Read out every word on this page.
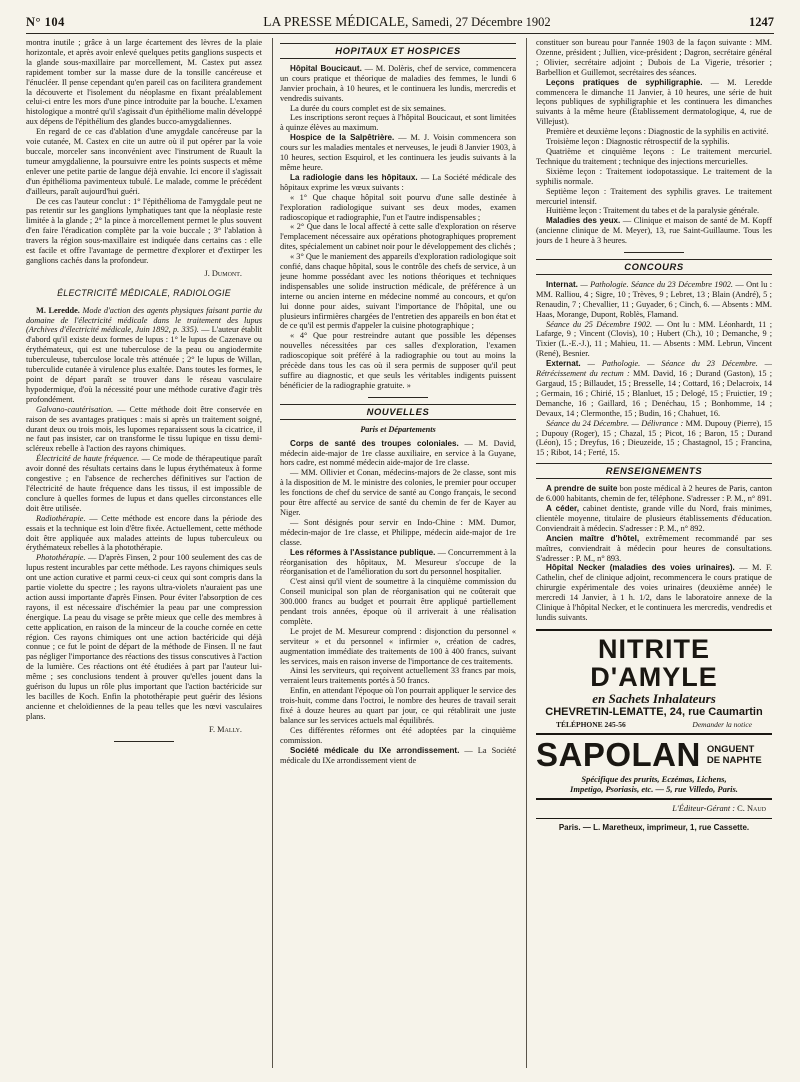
N° 104	LA PRESSE MÉDICALE, Samedi, 27 Décembre 1902	1247

montra inutile ; grâce à un large écartement des lèvres de la plaie horizontale, et après avoir enlevé quelques petits ganglions suspects et la glande sous-maxillaire par morcellement, M. Castex put assez rapidement tomber sur la masse dure de la tonsille cancéreuse et l'énucléer. Il pense cependant qu'en pareil cas on facilitera grandement la découverte et l'isolement du néoplasme en fixant préalablement celui-ci entre les mors d'une pince introduite par la bouche. L'examen histologique a montré qu'il s'agissait d'un épithéliome malin développé aux dépens de l'épithélium des glandes bucco-amygdaliennes.

En regard de ce cas d'ablation d'une amygdale cancéreuse par la voie cutanée, M. Castex en cite un autre où il put opérer par la voie buccale, morceler sans inconvénient avec l'instrument de Ruault la tumeur amygdalienne, la poursuivre entre les points suspects et même enlever une petite partie de langue déjà envahie. Ici encore il s'agissait d'un épithélioma pavimenteux tubulé. Le malade, comme le précédent d'ailleurs, paraît aujourd'hui guéri.

De ces cas l'auteur conclut : 1° l'épithélioma de l'amygdale peut ne pas retentir sur les ganglions lymphatiques tant que la néoplasie reste limitée à la glande ; 2° la pince à morcellement permet le plus souvent d'en faire l'éradication complète par la voie buccale ; 3° l'ablation à travers la région sous-maxillaire est indiquée dans certains cas : elle est facile et offre l'avantage de permettre d'explorer et d'extirper les ganglions cachés dans la profondeur.

J. Dumont.
ÉLECTRICITÉ MÉDICALE, RADIOLOGIE

M. Leredde. Mode d'action des agents physiques faisant partie du domaine de l'électricité médicale dans le traitement des lupus (Archives d'électricité médicale, Juin 1892, p. 335). — L'auteur établit d'abord qu'il existe deux formes de lupus : 1° le lupus de Cazenave ou érythémateux, qui est une tuberculose de la peau ou angiodermite tuberculeuse, tuberculose locale très atténuée ; 2° le lupus de Willan, tuberculide cutanée à virulence plus exaltée. Dans toutes les formes, le point de départ paraît se trouver dans le réseau vasculaire hypodermique, d'où la nécessité pour une méthode curative d'agir très profondément.

Galvano-cautérisation. — Cette méthode doit être conservée en raison de ses avantages pratiques : mais si après un traitement soigné, durant deux ou trois mois, les lupomes reparaissent sous la cicatrice, il ne faut pas insister, car on transforme le tissu lupique en tissu demi-scléreux rebelle à l'action des rayons chimiques.

Électricité de haute fréquence. — Ce mode de thérapeutique paraît avoir donné des résultats certains dans le lupus érythémateux à forme congestive ; en l'absence de recherches définitives sur l'action de l'électricité de haute fréquence dans les tissus, il est impossible de conclure à quelles formes de lupus et dans quelles circonstances elle doit être utilisée.

Radiothérapie. — Cette méthode est encore dans la période des essais et la technique est loin d'être fixée. Actuellement, cette méthode doit être appliquée aux malades atteints de lupus tuberculeux ou érythémateux rebelles à la photothérapie.

Photothérapie. — D'après Finsen, 2 pour 100 seulement des cas de lupus restent incurables par cette méthode. Les rayons chimiques seuls ont une action curative et parmi ceux-ci ceux qui sont compris dans la partie violette du spectre ; les rayons ultra-violets n'auraient pas une action aussi importante d'après Finsen. Pour éviter l'absorption de ces rayons, il est nécessaire d'ischémier la peau par une compression énergique. La peau du visage se prête mieux que celle des membres à cette application, en raison de la minceur de la couche cornée en cette région. Ces rayons chimiques ont une action bactéricide qui déjà connue ; ce fut le point de départ de la méthode de Finsen. Il ne faut pas négliger l'importance des réactions des tissus conscutives à l'action de la lumière. Ces réactions ont été étudiées à part par l'auteur lui-même ; ses conclusions tendent à prouver qu'elles jouent dans la guérison du lupus un rôle plus important que l'action bactéricide sur les bacilles de Koch. Enfin la photothérapie peut guérir des lésions ancienne et cheloïdiennes de la peau telles que les nœvi vasculaires plans.

F. Mally.
HOPITAUX ET HOSPICES

Hôpital Boucicaut. — M. Dolèris, chef de service, commencera un cours pratique et théorique de maladies des femmes, le lundi 6 Janvier prochain, à 10 heures, et le continuera les lundis, mercredis et vendredis suivants.

La durée du cours complet est de six semaines.

Les inscriptions seront reçues à l'hôpital Boucicaut, et sont limitées à quinze élèves au maximum.

Hospice de la Salpêtrière. — M. J. Voisin commencera son cours sur les maladies mentales et nerveuses, le jeudi 8 Janvier 1903, à 10 heures, section Esquirol, et les continuera les jeudis suivants à la même heure.

La radiologie dans les hôpitaux. — La Société médicale des hôpitaux exprime les vœux suivants :

« 1° Que chaque hôpital soit pourvu d'une salle destinée à l'exploration radiologique suivant ses deux modes, examen radioscopique et radiographie, l'un et l'autre indispensables ;

« 2° Que dans le local affecté à cette salle d'exploration on réserve l'emplacement nécessaire aux opérations photographiques proprement dites, spécialement un cabinet noir pour le développement des clichés ;

« 3° Que le maniement des appareils d'exploration radiologique soit confié, dans chaque hôpital, sous le contrôle des chefs de service, à un jeune homme possédant avec les notions théoriques et techniques indispensables une solide instruction médicale, de préférence à un interne ou ancien interne en médecine nommé au concours, et qu'on lui donne pour aides, suivant l'importance de l'hôpital, une ou plusieurs infirmières chargées de l'entretien des appareils en bon état et de ce qu'il est permis d'appeler la cuisine photographique ;

« 4° Que pour restreindre autant que possible les dépenses nouvelles nécessitées par ces salles d'exploration, l'examen radioscopique soit préféré à la radiographie ou tout au moins la précède dans tous les cas où il sera permis de supposer qu'il peut suffire au diagnostic, et que seuls les véritables indigents puissent bénéficier de la radiographie gratuite. »

NOUVELLES
Paris et Départements

Corps de santé des troupes coloniales. — M. David, médecin aide-major de 1re classe auxiliaire, en service à la Guyane, hors cadre, est nommé médecin aide-major de 1re classe.

— MM. Ollivier et Conan, médecins-majors de 2e classe, sont mis à la disposition de M. le ministre des colonies, le premier pour occuper les fonctions de chef du service de santé au Congo français, le second pour être affecté au service de santé du chemin de fer de Kayer au Niger.

— Sont désignés pour servir en Indo-Chine : MM. Dumor, médecin-major de 1re classe, et Philippe, médecin aide-major de 1re classe.

Les réformes à l'Assistance publique. — Concurremment à la réorganisation des hôpitaux, M. Mesureur s'occupe de la réorganisation et de l'amélioration du sort du personnel hospitalier.

C'est ainsi qu'il vient de soumettre à la cinquième commission du Conseil municipal son plan de réorganisation qui ne coûterait que 300.000 francs au budget et pourrait être appliqué partiellement pendant trois années, époque où il arriverait à une réalisation complète.

Le projet de M. Mesureur comprend : disjonction du personnel « serviteur » et du personnel « infirmier », création de cadres, augmentation immédiate des traitements de 100 à 400 francs, suivant les services, mais en raison inverse de l'importance de ces traitements.

Ainsi les serviteurs, qui reçoivent actuellement 33 francs par mois, verraient leurs traitements portés à 50 francs.

Enfin, en attendant l'époque où l'on pourrait appliquer le service des trois-huit, comme dans l'octroi, le nombre des heures de travail serait fixé à douze heures au quart par jour, ce qui rétablirait une juste balance sur les services actuels mal équilibrés.

Ces différentes réformes ont été adoptées par la cinquième commission.

Société médicale du IXe arrondissement. — La Société médicale du IXe arrondissement vient de

constituer son bureau pour l'année 1903 de la façon suivante : MM. Ozenne, président ; Jullien, vice-président ; Dagron, secrétaire général ; Olivier, secrétaire adjoint ; Dubois de La Vigerie, trésorier ; Barbellion et Guillemot, secrétaires des séances.

Leçons pratiques de syphiligraphie. — M. Leredde commencera le dimanche 11 Janvier, à 10 heures, une série de huit leçons publiques de syphiligraphie et les continuera les dimanches suivants à la même heure (Établissement dermatologique, 4, rue de Villejust).

Première et deuxième leçons : Diagnostic de la syphilis en activité.

Troisième leçon : Diagnostic rétrospectif de la syphilis.

Quatrième et cinquième leçons : Le traitement mercuriel. Technique du traitement ; technique des injections mercurielles.

Sixième leçon : Traitement iodopotassique. Le traitement de la syphilis normale.

Septième leçon : Traitement des syphilis graves. Le traitement mercuriel intensif.

Huitième leçon : Traitement du tabes et de la paralysie générale.

Maladies des yeux. — Clinique et maison de santé de M. Kopff (ancienne clinique de M. Meyer), 13, rue Saint-Guillaume. Tous les jours de 1 heure à 3 heures.

CONCOURS

Internat. — Pathologie. Séance du 23 Décembre 1902. — Ont lu : MM. Ralliou, 4 ; Sigre, 10 ; Trèves, 9 ; Lebret, 13 ; Blain (André), 5 ; Renaudin, 7 ; Chevallier, 11 ; Guyader, 6 ; Cinch, 6. — Absents : MM. Haas, Morange, Dupont, Roblès, Flamand.

Séance du 25 Décembre 1902. — Ont lu : MM. Léonhardt, 11 ; Lafarge, 9 ; Vincent (Clovis), 10 ; Hubert (Ch.), 10 ; Demanche, 9 ; Tixier (L.-E.-J.), 11 ; Mahieu, 11. — Absents : MM. Lebrun, Vincent (René), Besnier.

Externat. — Pathologie. — Séance du 23 Décembre. — Rétrécissement du rectum : MM. David, 16 ; Durand (Gaston), 15 ; Gargaud, 15 ; Billaudet, 15 ; Bresselle, 14 ; Cottard, 16 ; Delacroix, 14 ; Germain, 16 ; Chirié, 15 ; Blanluet, 15 ; Delogé, 15 ; Fruictier, 19 ; Demanche, 16 ; Gaillard, 16 ; Denéchau, 15 ; Bonhomme, 14 ; Devaux, 14 ; Clermonthe, 15 ; Budin, 16 ; Chahuet, 16.

Séance du 24 Décembre. — Délivrance : MM. Dupouy (Pierre), 15 ; Dupouy (Roger), 15 ; Chazal, 15 ; Picot, 16 ; Baron, 15 ; Durand (Léon), 15 ; Dreyfus, 16 ; Dieuzeide, 15 ; Chastagnol, 15 ; Francina, 15 ; Ribot, 14 ; Ferté, 15.

RENSEIGNEMENTS

A prendre de suite bon poste médical à 2 heures de Paris, canton de 6.000 habitants, chemin de fer, téléphone. S'adresser : P. M., n° 891.

A céder, cabinet dentiste, grande ville du Nord, frais minimes, clientèle moyenne, titulaire de plusieurs établissements d'éducation. Conviendrait à médecin. S'adresser : P. M., n° 892.

Ancien maître d'hôtel, extrêmement recommandé par ses maîtres, conviendrait à médecin pour heures de consultations. S'adresser : P. M., n° 893.

Hôpital Necker (maladies des voies urinaires). — M. F. Cathelin, chef de clinique adjoint, recommencera le cours pratique de chirurgie expérimentale des voies urinaires (deuxième année) le mercredi 14 Janvier, à 1 h. 1/2, dans le laboratoire annexe de la Clinique à l'hôpital Necker, et le continuera les mercredis, vendredis et lundis suivants.

NITRITE D'AMYLE
en Sachets Inhalateurs
CHEVRETIN-LEMATTE, 24, rue Caumartin
TÉLÉPHONE 245-56	Demander la notice
SAPOLAN ONGUENT
DE NAPHTE
Spécifique des prurits, Eczémas, Lichens,
Impetigo, Psoriasis, etc. — 5, rue Villedo, Paris.
L'Éditeur-Gérant : C. Naud
Paris. — L. Maretheux, imprimeur, 1, rue Cassette.
